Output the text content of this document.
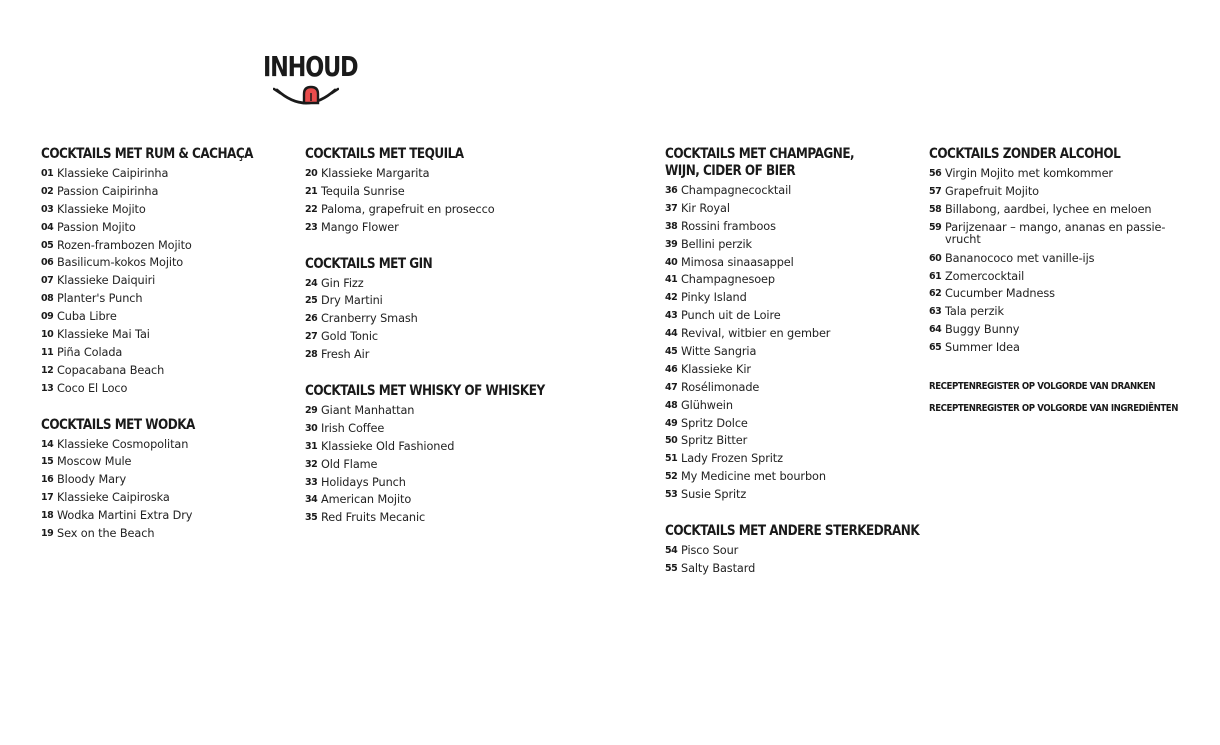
INHOUD
COCKTAILS MET RUM & CACHAÇA
01 Klassieke Caipirinha
02 Passion Caipirinha
03 Klassieke Mojito
04 Passion Mojito
05 Rozen-frambozen Mojito
06 Basilicum-kokos Mojito
07 Klassieke Daiquiri
08 Planter's Punch
09 Cuba Libre
10 Klassieke Mai Tai
11 Piña Colada
12 Copacabana Beach
13 Coco El Loco
COCKTAILS MET WODKA
14 Klassieke Cosmopolitan
15 Moscow Mule
16 Bloody Mary
17 Klassieke Caipiroska
18 Wodka Martini Extra Dry
19 Sex on the Beach
COCKTAILS MET TEQUILA
20 Klassieke Margarita
21 Tequila Sunrise
22 Paloma, grapefruit en prosecco
23 Mango Flower
COCKTAILS MET GIN
24 Gin Fizz
25 Dry Martini
26 Cranberry Smash
27 Gold Tonic
28 Fresh Air
COCKTAILS MET WHISKY OF WHISKEY
29 Giant Manhattan
30 Irish Coffee
31 Klassieke Old Fashioned
32 Old Flame
33 Holidays Punch
34 American Mojito
35 Red Fruits Mecanic
COCKTAILS MET CHAMPAGNE,
WIJN, CIDER OF BIER
36 Champagnecocktail
37 Kir Royal
38 Rossini framboos
39 Bellini perzik
40 Mimosa sinaasappel
41 Champagnesoep
42 Pinky Island
43 Punch uit de Loire
44 Revival, witbier en gember
45 Witte Sangria
46 Klassieke Kir
47 Rosélimonade
48 Glühwein
49 Spritz Dolce
50 Spritz Bitter
51 Lady Frozen Spritz
52 My Medicine met bourbon
53 Susie Spritz
COCKTAILS MET ANDERE STERKEDRANK
54 Pisco Sour
55 Salty Bastard
COCKTAILS ZONDER ALCOHOL
56 Virgin Mojito met komkommer
57 Grapefruit Mojito
58 Billabong, aardbei, lychee en meloen
59 Parijzenaar – mango, ananas en passie-
vrucht
60 Bananococo met vanille-ijs
61 Zomercocktail
62 Cucumber Madness
63 Tala perzik
64 Buggy Bunny
65 Summer Idea
RECEPTENREGISTER OP VOLGORDE VAN DRANKEN
RECEPTENREGISTER OP VOLGORDE VAN INGREDIËNTEN
